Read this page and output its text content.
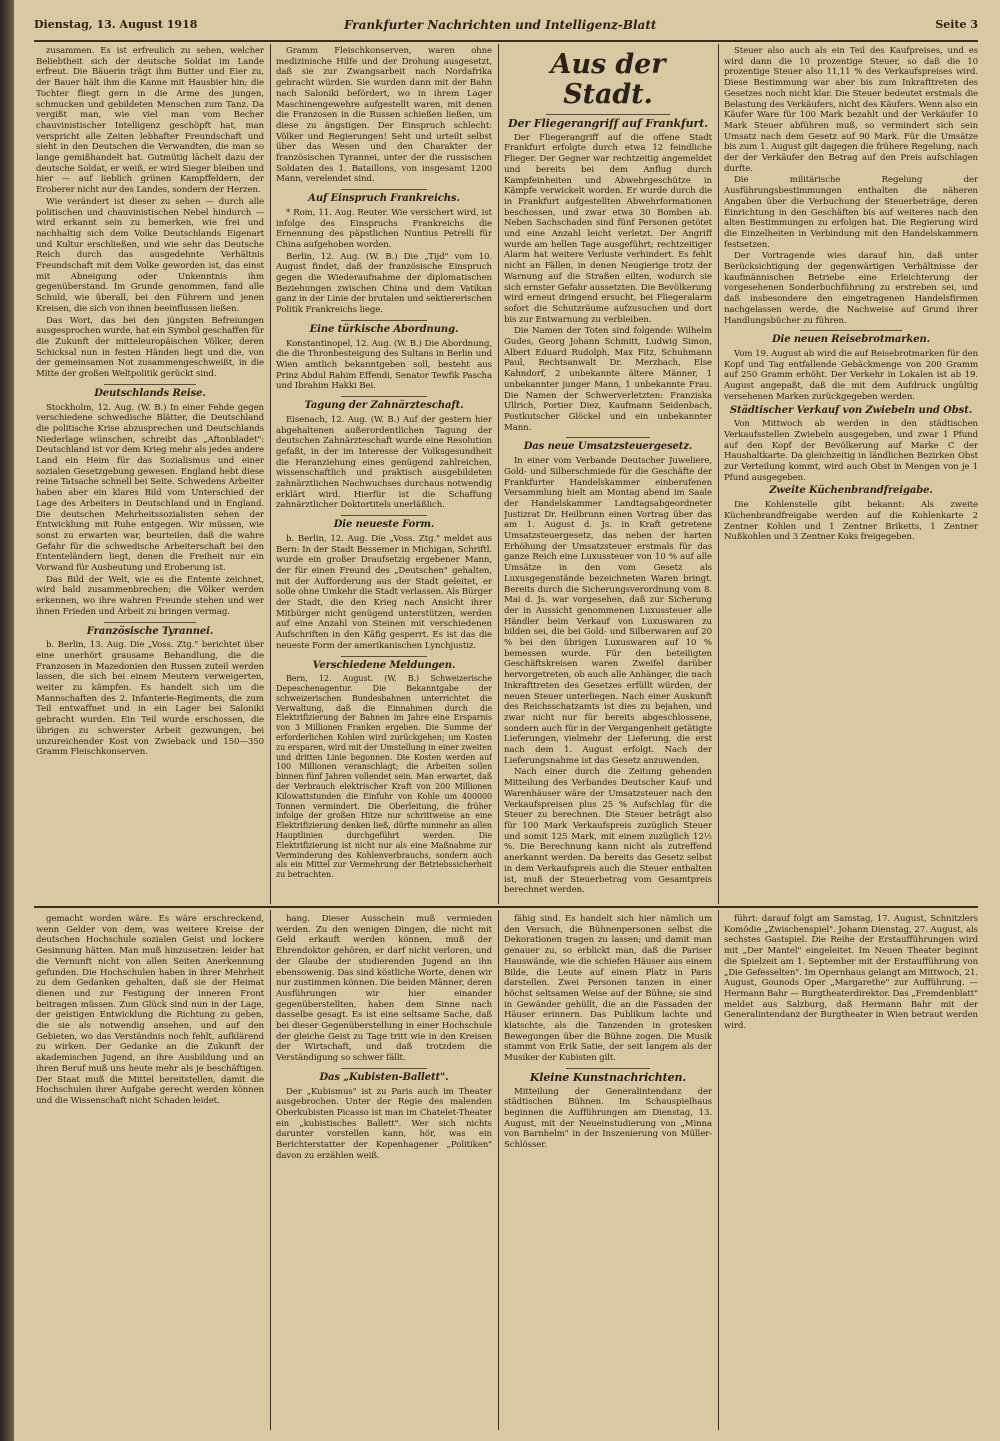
Dienstag, 13. August 1918	Frankfurter Nachrichten und Intelligenz-Blatt	Seite 3

zusammen. Es ist erfreulich zu sehen, welcher Beliebtheit sich der deutsche Soldat im Lande erfreut. Die Bäuerin trägt ihm Butter und Eier zu, der Bauer hält ihm die Kanne mit Hausbier hin; die Tochter fliegt gern in die Arme des jungen, schmucken und gebildeten Menschen zum Tanz. Da vergißt man, wie viel man vom Becher chauvinistischer Intelligenz geschöpft hat, man verspricht alle Zeiten lebhafter Freundschaft und sieht in den Deutschen die Verwandten, die man so lange gemißhandelt hat. Gutmütig lächelt dazu der deutsche Soldat, er weiß, er wird Sieger bleiben und hier — auf lieblich grünen Kampffeldern, der Eroberer nicht nur des Landes, sondern der Herzen.

Wie verändert ist dieser zu sehen — durch alle politischen und chauvinistischen Nebel hindurch — wird erkannt sein zu bemerken, wie frei und nachhaltig sich dem Volke Deutschlands Eigenart und Kultur erschließen, und wie sehr das Deutsche Reich durch das ausgedehnte Verhältnis Freundschaft mit dem Volke geworden ist, das einst mit Abneigung oder Unkenntnis ihm gegenüberstand. Im Grunde genommen, fand alle Schuld, wie überall, bei den Führern und jenen Kreisen, die sich von ihnen beeinflussen ließen.

Das Wort, das bei den jüngsten Befreiungen ausgesprochen wurde, hat ein Symbol geschaffen für die Zukunft der mitteleuropäischen Völker, deren Schicksal nun in festen Händen liegt und die, von der gemeinsamen Not zusammengeschweißt, in die Mitte der großen Weltpolitik gerückt sind.

Deutschlands Reise.

Stockholm, 12. Aug. (W. B.) In einer Fehde gegen verschiedene schwedische Blätter, die Deutschland die politische Krise abzusprechen und Deutschlands Niederlage wünschen, schreibt das „Aftonbladet": Deutschland ist vor dem Krieg mehr als jedes andere Land ein Heim für das Sozialismus und einer sozialen Gesetzgebung gewesen. England hebt diese reine Tatsache schnell bei Seite. Schwedens Arbeiter haben aber ein klares Bild vom Unterschied der Lage des Arbeiters in Deutschland und in England. Die deutschen Mehrheitssozialisten sehen der Entwicklung mit Ruhe entgegen. Wir müssen, wie sonst zu erwarten war, beurteilen, daß die wahre Gefahr für die schwedische Arbeiterschaft bei den Ententeländern liegt, denen die Freiheit nur ein Vorwand für Ausbeutung und Eroberung ist.

Das Bild der Welt, wie es die Entente zeichnet, wird bald zusammenbrechen; die Völker werden erkennen, wo ihre wahren Freunde stehen und wer ihnen Frieden und Arbeit zu bringen vermag.

Französische Tyrannei.

b. Berlin, 13. Aug. Die „Voss. Ztg." berichtet über eine unerhört grausame Behandlung, die die Franzosen in Mazedonien den Russen zuteil werden lassen, die sich bei einem Meutern verweigerten, weiter zu kämpfen. Es handelt sich um die Mannschaften des 2. Infanterie-Regiments, die zum Teil entwaffnet und in ein Lager bei Saloniki gebracht wurden. Ein Teil wurde erschossen, die übrigen zu schwerster Arbeit gezwungen, bei unzureichender Kost von Zwieback und 150—350 Gramm Fleischkonserven.

Gramm Fleischkonserven, waren ohne medizinische Hilfe und der Drohung ausgesetzt, daß sie zur Zwangsarbeit nach Nordafrika gebracht würden. Sie wurden dann mit der Bahn nach Saloniki befördert, wo in ihrem Lager Maschinengewehre aufgestellt waren, mit denen die Franzosen in die Russen schießen ließen, um diese zu ängstigen. Der Einspruch schlecht: Völker und Regierungen! Seht und urteilt selbst über das Wesen und den Charakter der französischen Tyrannei, unter der die russischen Soldaten des 1. Bataillons, von insgesamt 1200 Mann, verelendet sind.

Auf Einspruch Frankreichs.

* Rom, 11. Aug. Reuter. Wie versichert wird, ist infolge des Einspruchs Frankreichs die Ernennung des päpstlichen Nuntius Petrelli für China aufgehoben worden.

Berlin, 12. Aug. (W. B.) Die „Tijd" vom 10. August findet, daß der französische Einspruch gegen die Wiederaufnahme der diplomatischen Beziehungen zwischen China und dem Vatikan ganz in der Linie der brutalen und sektiererischen Politik Frankreichs liege.

Eine türkische Abordnung.

Konstantinopel, 12. Aug. (W. B.) Die Abordnung, die die Thronbesteigung des Sultans in Berlin und Wien amtlich bekanntgeben soll, besteht aus Prinz Abdul Rahim Effendi, Senator Tewfik Pascha und Ibrahim Hakki Bei.

Tagung der Zahnärzteschaft.

Eisenach, 12. Aug. (W. B.) Auf der gestern hier abgehaltenen außerordentlichen Tagung der deutschen Zahnärzteschaft wurde eine Resolution gefaßt, in der im Interesse der Volksgesundheit die Heranziehung eines genügend zahlreichen, wissenschaftlich und praktisch ausgebildeten zahnärztlichen Nachwuchses durchaus notwendig erklärt wird. Hierfür ist die Schaffung zahnärztlicher Doktortitels unerläßlich.

Die neueste Form.

b. Berlin, 12. Aug. Die „Voss. Ztg." meldet aus Bern: In der Stadt Bessemer in Michigan, Schriftl. wurde ein großer Draufsetzig ergebener Mann, der für einen Freund des „Deutschen" gehalten, mit der Aufforderung aus der Stadt geleitet, er solle ohne Umkehr die Stadt verlassen. Als Bürger der Stadt, die den Krieg nach Ansicht ihrer Mitbürger nicht genügend unterstützen, werden auf eine Anzahl von Steinen mit verschiedenen Aufschriften in den Käfig gesperrt. Es ist das die neueste Form der amerikanischen Lynchjustiz.

Verschiedene Meldungen.

Bern, 12. August. (W. B.) Schweizerische Depeschenagentur. Die Bekanntgabe der schweizerischen Bundesbahnen unterrichtet die Verwaltung, daß die Einnahmen durch die Elektrifizierung der Bahnen im Jahre eine Ersparnis von 3 Millionen Franken ergeben. Die Summe der erforderlichen Kohlen wird zurückgehen; um Kosten zu ersparen, wird mit der Umstellung in einer zweiten und dritten Linie begonnen. Die Kosten werden auf 100 Millionen veranschlagt; die Arbeiten sollen binnen fünf Jahren vollendet sein. Man erwartet, daß der Verbrauch elektrischer Kraft von 200 Millionen Kilowattstunden die Einfuhr von Kohle um 400000 Tonnen vermindert. Die Oberleitung, die früher infolge der großen Hitze nur schrittweise an eine Elektrifizierung denken ließ, dürfte nunmehr an allen Hauptlinien durchgeführt werden. Die Elektrifizierung ist nicht nur als eine Maßnahme zur Verminderung des Kohlenverbrauchs, sondern auch als ein Mittel zur Vermehrung der Betriebssicherheit zu betrachten.

Aus der Stadt.
Der Fliegerangriff auf Frankfurt.

Der Fliegerangriff auf die offene Stadt Frankfurt erfolgte durch etwa 12 feindliche Flieger. Der Gegner war rechtzeitig angemeldet und bereits bei dem Anflug durch Kampfeinheiten und Abwehrgeschütze in Kämpfe verwickelt worden. Er wurde durch die in Frankfurt aufgestellten Abwehrformationen beschossen, und zwar etwa 30 Bomben ab. Neben Sachschaden sind fünf Personen getötet und eine Anzahl leicht verletzt. Der Angriff wurde am hellen Tage ausgeführt; rechtzeitiger Alarm hat weitere Verluste verhindert. Es fehlt nicht an Fällen, in denen Neugierige trotz der Warnung auf die Straßen eilten, wodurch sie sich ernster Gefahr aussetzten. Die Bevölkerung wird erneut dringend ersucht, bei Fliegeralarm sofort die Schutzräume aufzusuchen und dort bis zur Entwarnung zu verbleiben.

Die Namen der Toten sind folgende: Wilhelm Gudes, Georg Johann Schmitt, Ludwig Simon, Albert Eduard Rudolph, Max Fitz, Schuhmann Paul, Rechtsanwalt Dr. Merzbach, Else Kahndorf, 2 unbekannte ältere Männer, 1 unbekannter junger Mann, 1 unbekannte Frau. Die Namen der Schwerverletzten: Franziska Ullrich, Portier Diez, Kaufmann Seidenbach, Postkutscher Glöckel und ein unbekannter Mann.

Das neue Umsatzsteuergesetz.

In einer vom Verbande Deutscher Juweliere, Gold- und Silberschmiede für die Geschäfte der Frankfurter Handelskammer einberufenen Versammlung hielt am Montag abend im Saale der Handelskammer Landtagsabgeordneter Justizrat Dr. Heilbrunn einen Vortrag über das am 1. August d. Js. in Kraft getretene Umsatzsteuergesetz, das neben der harten Erhöhung der Umsatzsteuer erstmals für das ganze Reich eine Luxussteuer von 10 % auf alle Umsätze in den vom Gesetz als Luxusgegenstände bezeichneten Waren bringt. Bereits durch die Sicherungsverordnung vom 8. Mai d. Js. war vorgesehen, daß zur Sicherung der in Aussicht genommenen Luxussteuer alle Händler beim Verkauf von Luxuswaren zu bilden sei, die bei Gold- und Silberwaren auf 20 % bei den übrigen Luxuswaren auf 10 % bemessen wurde. Für den beteiligten Geschäftskreisen waren Zweifel darüber hervorgetreten, ob auch alle Anhänger, die nach Inkrafttreten des Gesetzes erfüllt würden, der neuen Steuer unterliegen. Nach einer Auskunft des Reichsschatzamts ist dies zu bejahen, und zwar nicht nur für bereits abgeschlossene, sondern auch für in der Vergangenheit getätigte Lieferungen, vielmehr der Lieferung, die erst nach dem 1. August erfolgt. Nach der Lieferungsnahme ist das Gesetz anzuwenden.

Nach einer durch die Zeitung gehenden Mitteilung des Verbandes Deutscher Kauf- und Warenhäuser wäre der Umsatzsteuer nach den Verkaufspreisen plus 25 % Aufschlag für die Steuer zu berechnen. Die Steuer beträgt also für 100 Mark Verkaufspreis zuzüglich Steuer und somit 125 Mark, mit einem zuzüglich 12½ %. Die Berechnung kann nicht als zutreffend anerkannt werden. Da bereits das Gesetz selbst in dem Verkaufspreis auch die Steuer enthalten ist, muß der Steuerbetrag vom Gesamtpreis berechnet werden.

Steuer also auch als ein Teil des Kaufpreises, und es wird dann die 10 prozentige Steuer, so daß die 10 prozentige Steuer also 11,11 % des Verkaufspreises wird. Diese Bestimmung war aber bis zum Inkrafttreten des Gesetzes noch nicht klar. Die Steuer bedeutet erstmals die Belastung des Verkäufers, nicht des Käufers. Wenn also ein Käufer Ware für 100 Mark bezahlt und der Verkäufer 10 Mark Steuer abführen muß, so vermindert sich sein Umsatz nach dem Gesetz auf 90 Mark. Für die Umsätze bis zum 1. August gilt dagegen die frühere Regelung, nach der der Verkäufer den Betrag auf den Preis aufschlagen durfte.

Die militärische Regelung der Ausführungsbestimmungen enthalten die näheren Angaben über die Verbuchung der Steuerbeträge, deren Einrichtung in den Geschäften bis auf weiteres nach den alten Bestimmungen zu erfolgen hat. Die Regierung wird die Einzelheiten in Verbindung mit den Handelskammern festsetzen.

Der Vortragende wies darauf hin, daß unter Berücksichtigung der gegenwärtigen Verhältnisse der kaufmännischen Betriebe eine Erleichterung der vorgesehenen Sonderbuchführung zu erstreben sei, und daß insbesondere den eingetragenen Handelsfirmen nachgelassen werde, die Nachweise auf Grund ihrer Handlungsbücher zu führen.

Die neuen Reisebrotmarken.

Vom 19. August ab wird die auf Reisebrotmarken für den Kopf und Tag entfallende Gebäckmenge von 200 Gramm auf 250 Gramm erhöht. Der Verkehr in Lokalen ist ab 19. August angepaßt, daß die mit dem Aufdruck ungültig versehenen Marken zurückgegeben werden.

Städtischer Verkauf von Zwiebeln und Obst.

Von Mittwoch ab werden in den städtischen Verkaufsstellen Zwiebeln ausgegeben, und zwar 1 Pfund auf den Kopf der Bevölkerung auf Marke C der Haushaltkarte. Da gleichzeitig in ländlichen Bezirken Obst zur Verteilung kommt, wird auch Obst in Mengen von je 1 Pfund ausgegeben.

Zweite Küchenbrandfreigabe.

Die Kohlenstelle gibt bekannt: Als zweite Küchenbrandfreigabe werden auf die Kohlenkarte 2 Zentner Kohlen und 1 Zentner Briketts, 1 Zentner Nußkohlen und 3 Zentner Koks freigegeben.

gemacht worden wäre. Es wäre erschreckend, wenn Gelder von dem, was weitere Kreise der deutschen Hochschule sozialen Geist und lockere Gesinnung hätten. Man muß hinzusetzen: leider hat die Vernunft nicht von allen Seiten Anerkennung gefunden. Die Hochschulen haben in ihrer Mehrheit zu dem Gedanken gehalten, daß sie der Heimat dienen und zur Festigung der inneren Front beitragen müssen. Zum Glück sind nun in der Lage, der geistigen Entwicklung die Richtung zu geben, die sie als notwendig ansehen, und auf den Gebieten, wo das Verständnis noch fehlt, aufklärend zu wirken. Der Gedanke an die Zukunft der akademischen Jugend, an ihre Ausbildung und an ihren Beruf muß uns heute mehr als je beschäftigen. Der Staat muß die Mittel bereitstellen, damit die Hochschulen ihrer Aufgabe gerecht werden können und die Wissenschaft nicht Schaden leidet.

hang. Dieser Ausschein muß vermieden werden. Zu den wenigen Dingen, die nicht mit Geld erkauft werden können, muß der Ehrendoktor gehören, er darf nicht verloren, und der Glaube der studierenden Jugend an ihn ebensowenig. Das sind köstliche Worte, denen wir nur zustimmen können. Die beiden Männer, deren Ausführungen wir hier einander gegenüberstellten, haben dem Sinne nach dasselbe gesagt. Es ist eine seltsame Sache, daß bei dieser Gegenüberstellung in einer Hochschule der gleiche Geist zu Tage tritt wie in den Kreisen der Wirtschaft, und daß trotzdem die Verständigung so schwer fällt.

Das „Kubisten-Ballett".

Der „Kubismus" ist zu Paris auch im Theater ausgebrochen. Unter der Regie des malenden Oberkubisten Picasso ist man im Chatelet-Theater ein „kubistisches Ballett". Wer sich nichts darunter vorstellen kann, hör, was ein Berichterstatter der Kopenhagener „Politiken" davon zu erzählen weiß.

fähig sind. Es handelt sich hier nämlich um den Versuch, die Bühnenpersonen selbst die Dekorationen tragen zu lassen; und damit man genauer zu, so erblickt man, daß die Pariser Hauswände, wie die schiefen Häuser aus einem Bilde, die Leute auf einem Platz in Paris darstellen. Zwei Personen tanzen in einer höchst seltsamen Weise auf der Bühne; sie sind in Gewänder gehüllt, die an die Fassaden der Häuser erinnern. Das Publikum lachte und klatschte, als die Tanzenden in grotesken Bewegungen über die Bühne zogen. Die Musik stammt von Erik Satie, der seit langem als der Musiker der Kubisten gilt.

Kleine Kunstnachrichten.

Mitteilung der Generalintendanz der städtischen Bühnen. Im Schauspielhaus beginnen die Aufführungen am Dienstag, 13. August, mit der Neueinstudierung von „Minna von Barnhelm" in der Inszenierung von Müller-Schlösser.

führt: darauf folgt am Samstag, 17. August, Schnitzlers Komödie „Zwischenspiel". Johann Dienstag, 27. August, als sechstes Gastspiel. Die Reihe der Erstaufführungen wird mit „Der Mantel" eingeleitet. Im Neuen Theater beginnt die Spielzeit am 1. September mit der Erstaufführung von „Die Gefesselten". Im Opernhaus gelangt am Mittwoch, 21. August, Gounods Oper „Margarethe" zur Aufführung. — Hermann Bahr — Burgtheaterdirektor. Das „Fremdenblatt" meldet aus Salzburg, daß Hermann Bahr mit der Generalintendanz der Burgtheater in Wien betraut werden wird.
